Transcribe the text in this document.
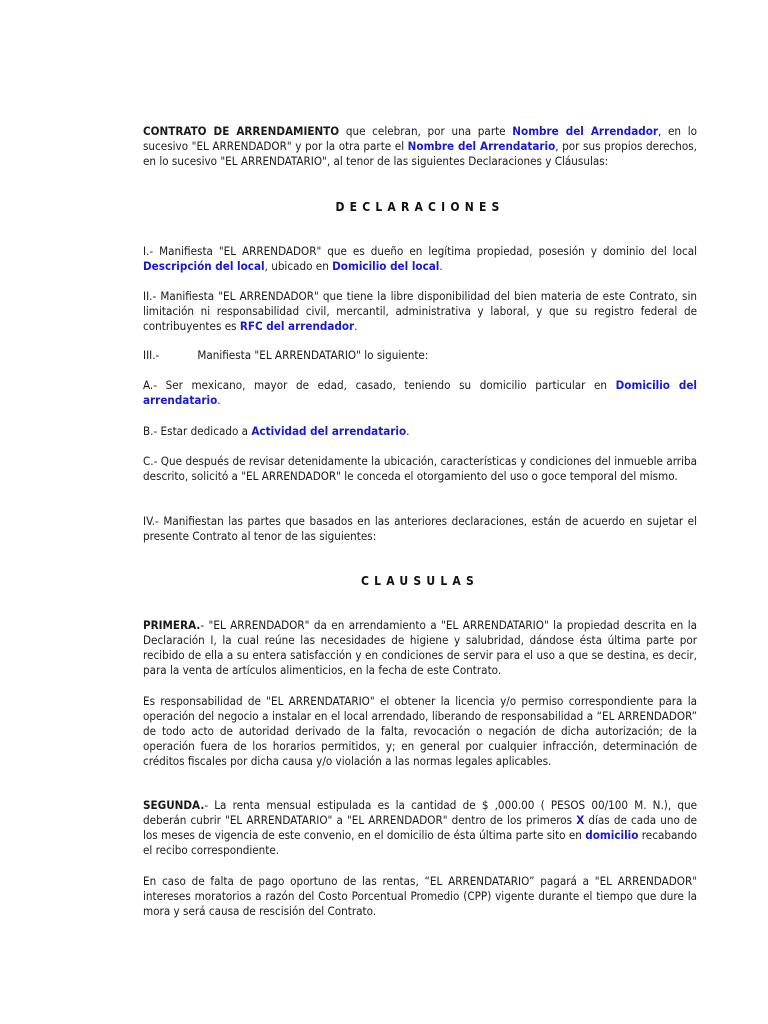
CONTRATO DE ARRENDAMIENTO que celebran, por una parte Nombre del Arrendador, en lo sucesivo "EL ARRENDADOR" y por la otra parte el Nombre del Arrendatario, por sus propios derechos, en lo sucesivo "EL ARRENDATARIO", al tenor de las siguientes Declaraciones y Cláusulas:

DECLARACIONES

I.- Manifiesta "EL ARRENDADOR" que es dueño en legítima propiedad, posesión y dominio del local Descripción del local, ubicado en Domicilio del local.

II.- Manifiesta "EL ARRENDADOR" que tiene la libre disponibilidad del bien materia de este Contrato, sin limitación ni responsabilidad civil, mercantil, administrativa y laboral, y que su registro federal de contribuyentes es RFC del arrendador.

III.-	Manifiesta "EL ARRENDATARIO" lo siguiente:

A.- Ser mexicano, mayor de edad, casado, teniendo su domicilio particular en Domicilio del arrendatario.

B.- Estar dedicado a Actividad del arrendatario.

C.- Que después de revisar detenidamente la ubicación, características y condiciones del inmueble arriba descrito, solicitó a "EL ARRENDADOR" le conceda el otorgamiento del uso o goce temporal del mismo.

IV.- Manifiestan las partes que basados en las anteriores declaraciones, están de acuerdo en sujetar el presente Contrato al tenor de las siguientes:

CLAUSULAS

PRIMERA.- "EL ARRENDADOR" da en arrendamiento a "EL ARRENDATARIO" la propiedad descrita en la Declaración I, la cual reúne las necesidades de higiene y salubridad, dándose ésta última parte por recibido de ella a su entera satisfacción y en condiciones de servir para el uso a que se destina, es decir, para la venta de artículos alimenticios, en la fecha de este Contrato.

Es responsabilidad de "EL ARRENDATARIO" el obtener la licencia y/o permiso correspondiente para la operación del negocio a instalar en el local arrendado, liberando de responsabilidad a “EL ARRENDADOR” de todo acto de autoridad derivado de la falta, revocación o negación de dicha autorización; de la operación fuera de los horarios permitidos, y; en general por cualquier infracción, determinación de créditos fiscales por dicha causa y/o violación a las normas legales aplicables.

SEGUNDA.- La renta mensual estipulada es la cantidad de $ ,000.00 ( PESOS 00/100 M. N.), que deberán cubrir "EL ARRENDATARIO" a "EL ARRENDADOR" dentro de los primeros X días de cada uno de los meses de vigencia de este convenio, en el domicilio de ésta última parte sito en domicilio recabando el recibo correspondiente.

En caso de falta de pago oportuno de las rentas, “EL ARRENDATARIO” pagará a "EL ARRENDADOR" intereses moratorios a razón del Costo Porcentual Promedio (CPP) vigente durante el tiempo que dure la mora y será causa de rescisión del Contrato.
